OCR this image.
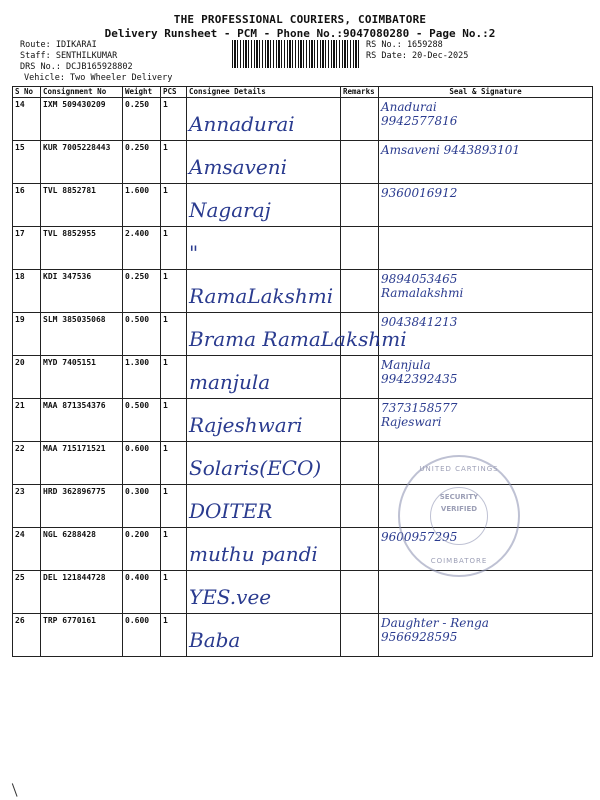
THE PROFESSIONAL COURIERS, COIMBATORE
Delivery Runsheet - PCM - Phone No.:9047080280 - Page No.:2
Route: IDIKARAI
Staff: SENTHILKUMAR
DRS No.: DCJB165928802
Vehicle: Two Wheeler Delivery
RS No.: 1659288
RS Date: 20-Dec-2025
S No	Consignment No	Weight	PCS	Consignee Details	Remarks	Seal & Signature
14	IXM 509430209	0.250	1	Annadurai		Anadurai
9942577816

15	KUR 7005228443	0.250	1	Amsaveni		Amsaveni 9443893101

16	TVL 8852781	1.600	1	Nagaraj		9360016912

17	TVL 8852955	2.400	1	"		

18	KDI 347536	0.250	1	RamaLakshmi		9894053465
Ramalakshmi

19	SLM 385035068	0.500	1	Brama RamaLakshmi		9043841213

20	MYD 7405151	1.300	1	manjula		Manjula
9942392435

21	MAA 871354376	0.500	1	Rajeshwari		7373158577
Rajeswari

22	MAA 715171521	0.600	1	Solaris(ECO)		

23	HRD 362896775	0.300	1	DOITER		

24	NGL 6288428	0.200	1	muthu pandi		9600957295

25	DEL 121844728	0.400	1	YES.vee		

26	TRP 6770161	0.600	1	Baba		Daughter - Renga
9566928595
UNITED CARTINGS
SECURITY
VERIFIED
COIMBATORE
